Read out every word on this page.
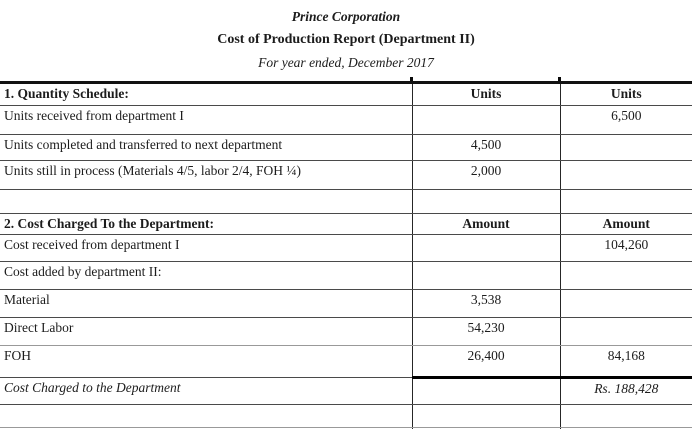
Prince Corporation
Cost of Production Report (Department II)
For year ended, December 2017
1. Quantity Schedule:	Units	Units
Units received from department I		6,500
Units completed and transferred to next department	4,500	
Units still in process (Materials 4/5, labor 2/4, FOH ¼)	2,000	

2. Cost Charged To the Department:	Amount	Amount
Cost received from department I		104,260
Cost added by department II:		
Material	3,538	
Direct Labor	54,230	
FOH	26,400	84,168
Cost Charged to the Department		Rs. 188,428
